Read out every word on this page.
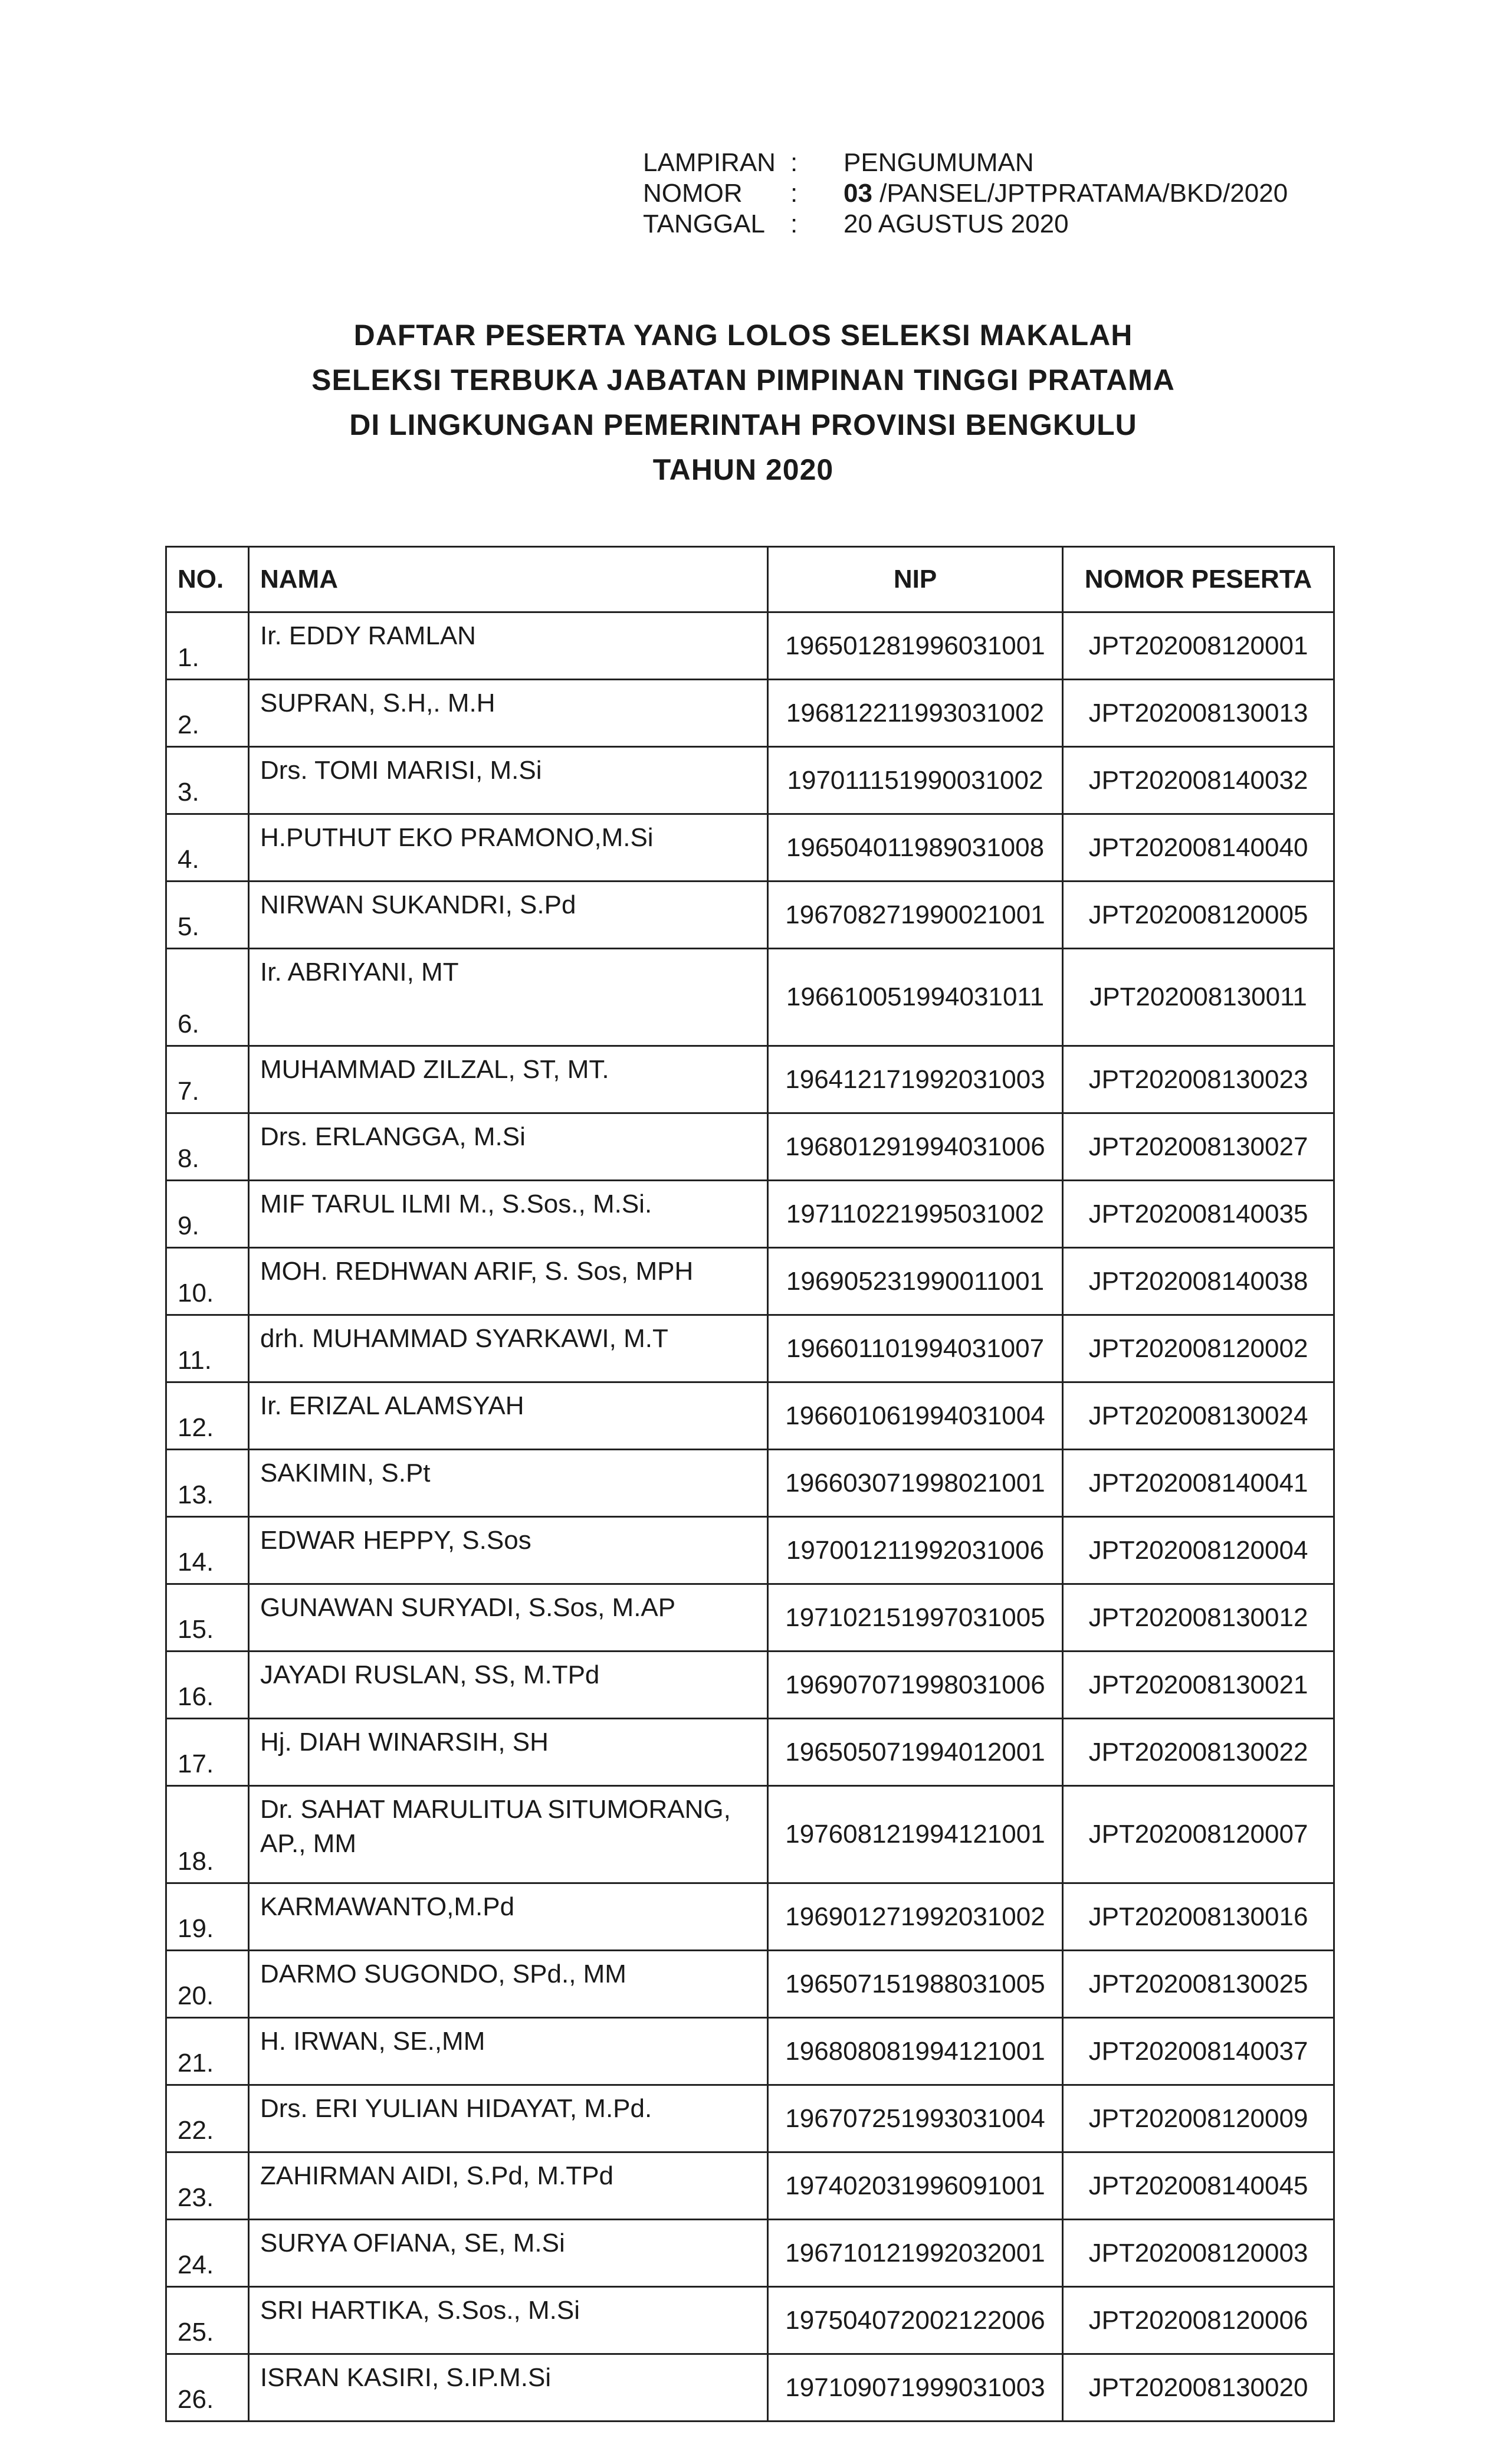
LAMPIRAN :	PENGUMUMAN
NOMOR	:	03 /PANSEL/JPTPRATAMA/BKD/2020
TANGGAL :	20 AGUSTUS 2020
DAFTAR PESERTA YANG LOLOS SELEKSI MAKALAH
SELEKSI TERBUKA JABATAN PIMPINAN TINGGI PRATAMA
DI LINGKUNGAN PEMERINTAH PROVINSI BENGKULU
TAHUN 2020
NO.	NAMA	NIP	NOMOR PESERTA
1.	Ir. EDDY RAMLAN	196501281996031001	JPT202008120001
2.	SUPRAN, S.H,. M.H	196812211993031002	JPT202008130013
3.	Drs. TOMI MARISI, M.Si	197011151990031002	JPT202008140032
4.	H.PUTHUT EKO PRAMONO,M.Si	196504011989031008	JPT202008140040
5.	NIRWAN SUKANDRI, S.Pd	196708271990021001	JPT202008120005
6.	Ir. ABRIYANI, MT	196610051994031011	JPT202008130011
7.	MUHAMMAD ZILZAL, ST, MT.	196412171992031003	JPT202008130023
8.	Drs. ERLANGGA, M.Si	196801291994031006	JPT202008130027
9.	MIF TARUL ILMI M., S.Sos., M.Si.	197110221995031002	JPT202008140035
10.	MOH. REDHWAN ARIF, S. Sos, MPH	196905231990011001	JPT202008140038
11.	drh. MUHAMMAD SYARKAWI, M.T	196601101994031007	JPT202008120002
12.	Ir. ERIZAL ALAMSYAH	196601061994031004	JPT202008130024
13.	SAKIMIN, S.Pt	196603071998021001	JPT202008140041
14.	EDWAR HEPPY, S.Sos	197001211992031006	JPT202008120004
15.	GUNAWAN SURYADI, S.Sos, M.AP	197102151997031005	JPT202008130012
16.	JAYADI RUSLAN, SS, M.TPd	196907071998031006	JPT202008130021
17.	Hj. DIAH WINARSIH, SH	196505071994012001	JPT202008130022
18.	Dr. SAHAT MARULITUA SITUMORANG, AP., MM	197608121994121001	JPT202008120007
19.	KARMAWANTO,M.Pd	196901271992031002	JPT202008130016
20.	DARMO SUGONDO, SPd., MM	196507151988031005	JPT202008130025
21.	H. IRWAN, SE.,MM	196808081994121001	JPT202008140037
22.	Drs. ERI YULIAN HIDAYAT, M.Pd.	196707251993031004	JPT202008120009
23.	ZAHIRMAN AIDI, S.Pd, M.TPd	197402031996091001	JPT202008140045
24.	SURYA OFIANA, SE, M.Si	196710121992032001	JPT202008120003
25.	SRI HARTIKA, S.Sos., M.Si	197504072002122006	JPT202008120006
26.	ISRAN KASIRI, S.IP.M.Si	197109071999031003	JPT202008130020
